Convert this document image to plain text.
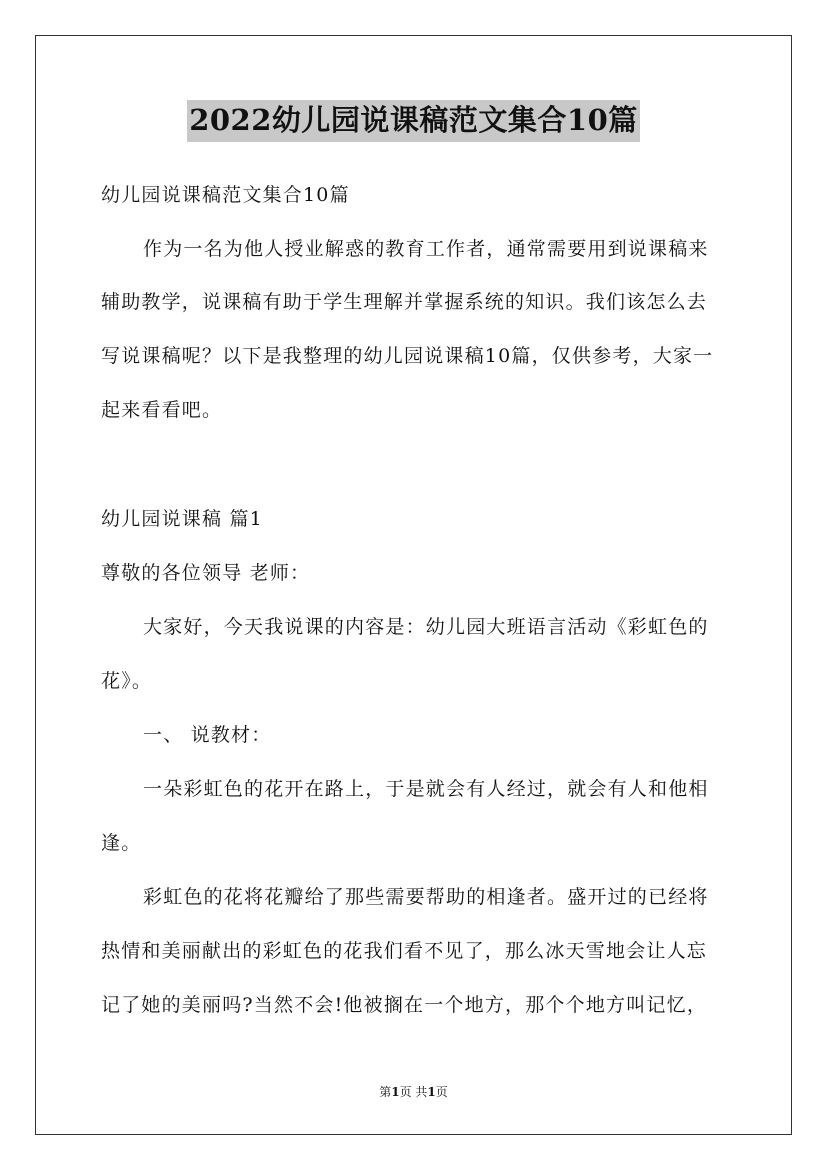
2022幼儿园说课稿范文集合10篇
幼儿园说课稿范文集合10篇
作为一名为他人授业解惑的教育工作者，通常需要用到说课稿来
辅助教学，说课稿有助于学生理解并掌握系统的知识。我们该怎么去
写说课稿呢？以下是我整理的幼儿园说课稿10篇，仅供参考，大家一
起来看看吧。
幼儿园说课稿 篇1
尊敬的各位领导 老师：
大家好，今天我说课的内容是：幼儿园大班语言活动《彩虹色的
花》。
一、 说教材：
一朵彩虹色的花开在路上，于是就会有人经过，就会有人和他相
逢。
彩虹色的花将花瓣给了那些需要帮助的相逢者。盛开过的已经将
热情和美丽献出的彩虹色的花我们看不见了，那么冰天雪地会让人忘
记了她的美丽吗?当然不会!他被搁在一个地方，那个个地方叫记忆，
第1页 共1页
